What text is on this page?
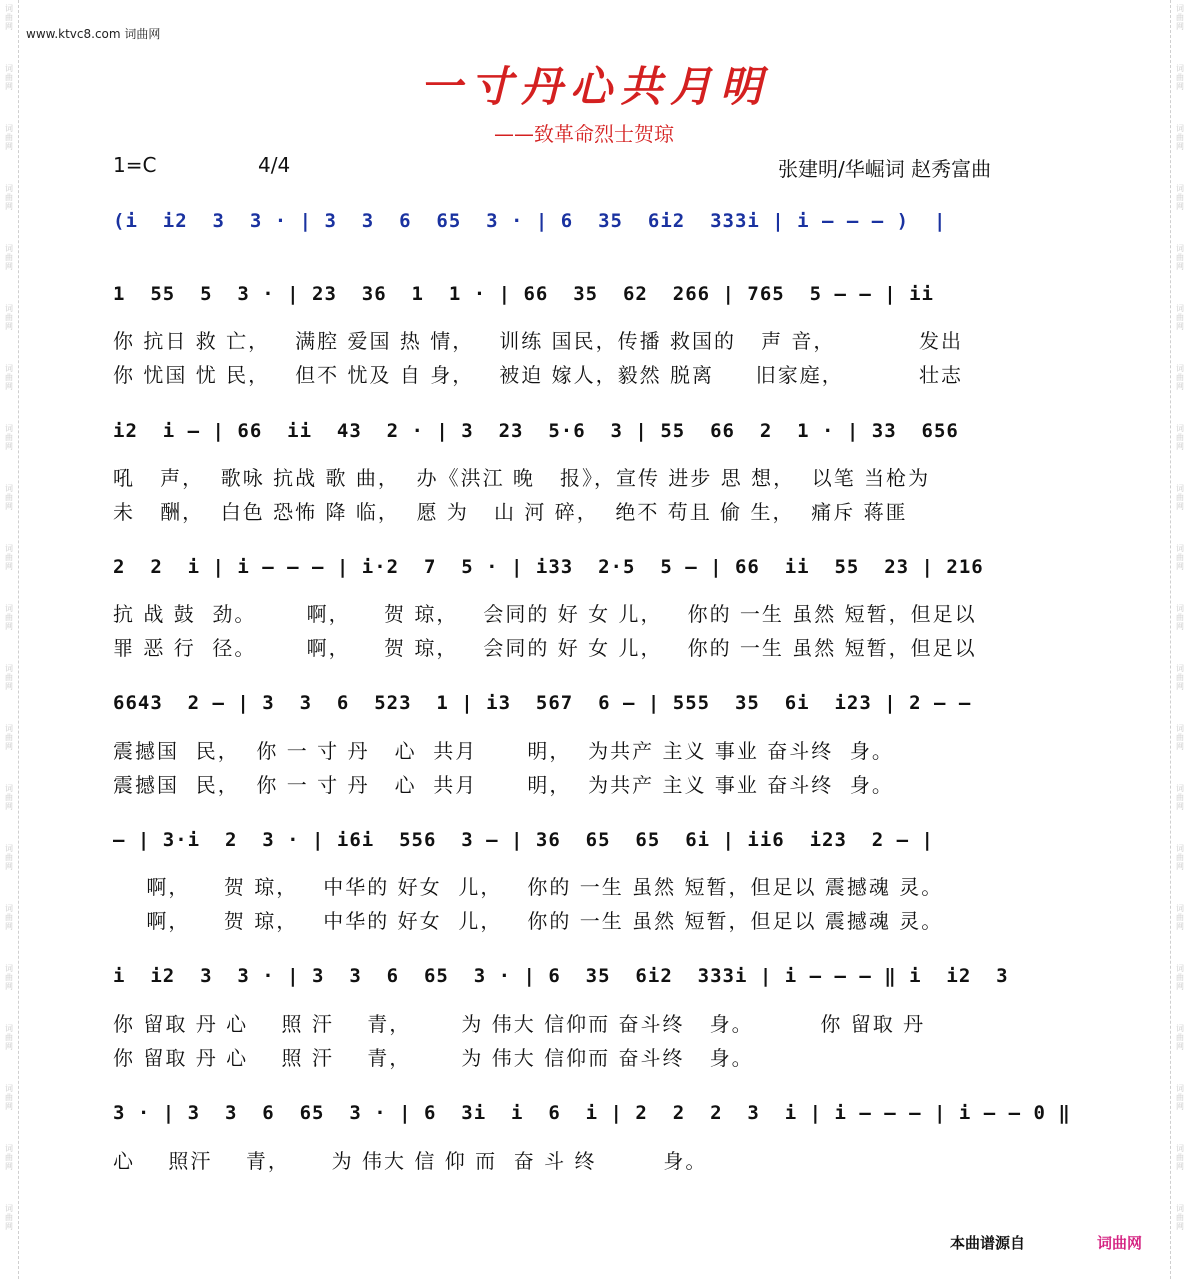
词
曲
网
词
曲
网
词
曲
网
词
曲
网
词
曲
网
词
曲
网
词
曲
网
词
曲
网
词
曲
网
词
曲
网
词
曲
网
词
曲
网
词
曲
网
词
曲
网
词
曲
网
词
曲
网
词
曲
网
词
曲
网
词
曲
网
词
曲
网
词
曲
网
词
曲
网
词
曲
网
词
曲
网
词
曲
网
词
曲
网
词
曲
网
词
曲
网
词
曲
网
词
曲
网
词
曲
网
词
曲
网
词
曲
网
词
曲
网
词
曲
网
词
曲
网
词
曲
网
词
曲
网
词
曲
网
词
曲
网
词
曲
网
词
曲
网
www.ktvc8.com 词曲网
一寸丹心共月明
——致革命烈士贺琼
1=C	4/4	张建明/华崛词 赵秀富曲
(i  i2  3  3 · | 3  3  6  65  3 · | 6  35  6i2  333i | i — — — )  |
1  55  5  3 · | 23  36  1  1 · | 66  35  62  266 | 765  5 — — | ii
你 抗日 救 亡，   满腔 爱国 热 情，   训练 国民，传播 救国的   声 音，          发出
你 忧国 忧 民，   但不 忧及 自 身，   被迫 嫁人，毅然 脱离     旧家庭，         壮志
i2  i — | 66  ii  43  2 · | 3  23  5·6  3 | 55  66  2  1 · | 33  656
吼   声，  歌咏 抗战 歌 曲，  办《洪江 晚   报》，宣传 进步 思 想，  以笔 当枪为
未   酬，  白色 恐怖 降 临，  愿 为   山 河 碎，  绝不 苟且 偷 生，  痛斥 蒋匪
2  2  i | i — — — | i·2  7  5 · | i33  2·5  5 — | 66  ii  55  23 | 216
抗 战 鼓  劲。      啊，    贺 琼，   会同的 好 女 儿，   你的 一生 虽然 短暂，但足以
罪 恶 行  径。      啊，    贺 琼，   会同的 好 女 儿，   你的 一生 虽然 短暂，但足以
6643  2 — | 3  3  6  523  1 | i3  567  6 — | 555  35  6i  i23 | 2 — —
震撼国  民，  你 一 寸 丹   心  共月      明，  为共产 主义 事业 奋斗终  身。
震撼国  民，  你 一 寸 丹   心  共月      明，  为共产 主义 事业 奋斗终  身。
— | 3·i  2  3 · | i6i  556  3 — | 36  65  65  6i | ii6  i23  2 — |
啊，    贺 琼，   中华的 好女  儿，   你的 一生 虽然 短暂，但足以 震撼魂 灵。
啊，    贺 琼，   中华的 好女  儿，   你的 一生 虽然 短暂，但足以 震撼魂 灵。
i  i2  3  3 · | 3  3  6  65  3 · | 6  35  6i2  333i | i — — — ‖ i  i2  3
你 留取 丹 心    照 汗    青，      为 伟大 信仰而 奋斗终   身。        你 留取 丹
你 留取 丹 心    照 汗    青，      为 伟大 信仰而 奋斗终   身。
3 · | 3  3  6  65  3 · | 6  3i  i  6  i | 2  2  2  3  i | i — — — | i — — 0 ‖
心    照汗    青，     为 伟大 信 仰 而  奋 斗 终        身。
本曲谱源自	词曲网
